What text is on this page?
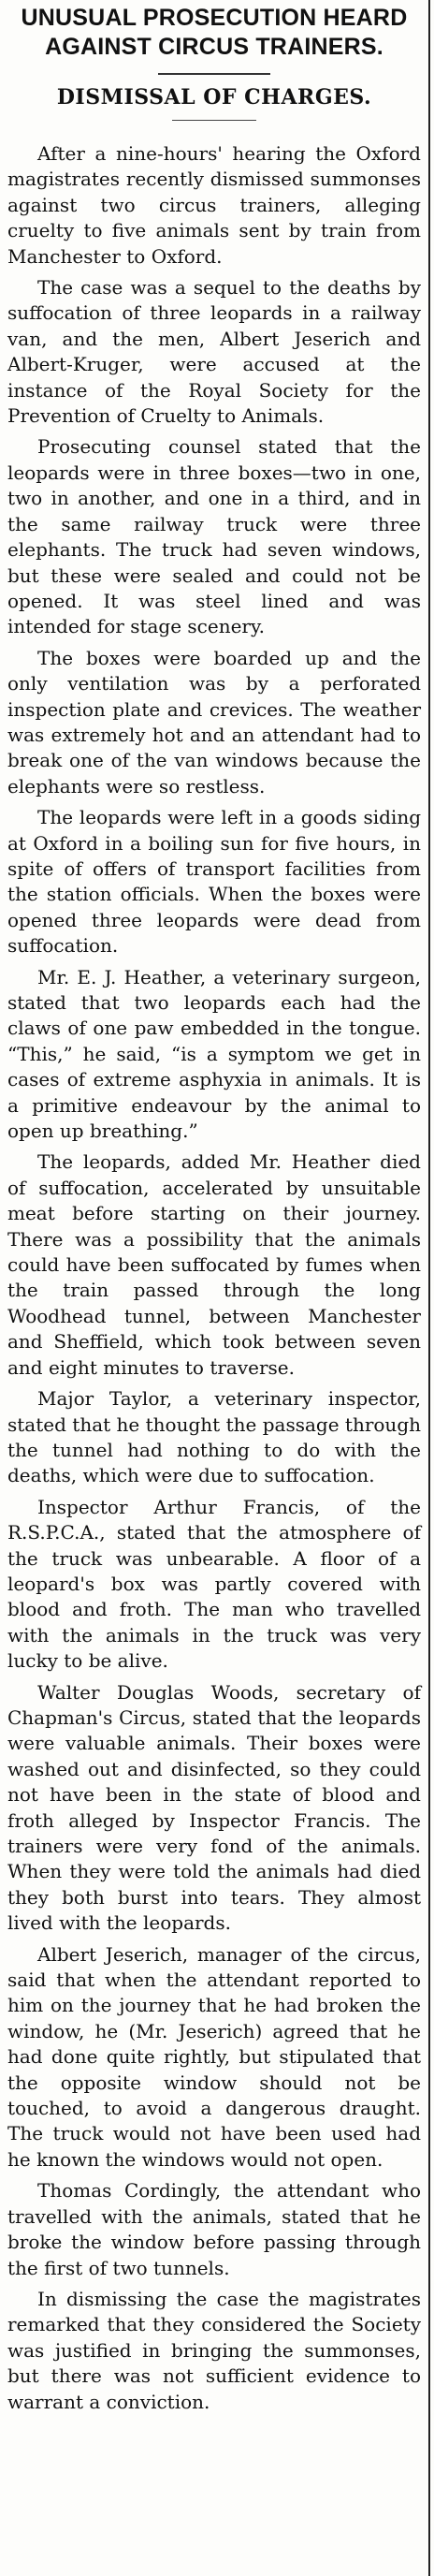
UNUSUAL PROSECUTION HEARD AGAINST CIRCUS TRAINERS.
DISMISSAL OF CHARGES.

After a nine-hours' hearing the Oxford magistrates recently dismissed summonses against two circus trainers, alleging cruelty to five animals sent by train from Manchester to Oxford.

The case was a sequel to the deaths by suffocation of three leopards in a railway van, and the men, Albert Jeserich and Albert-Kruger, were accused at the instance of the Royal Society for the Prevention of Cruelty to Animals.

Prosecuting counsel stated that the leopards were in three boxes—two in one, two in another, and one in a third, and in the same railway truck were three elephants. The truck had seven windows, but these were sealed and could not be opened. It was steel lined and was intended for stage scenery.

The boxes were boarded up and the only ventilation was by a perforated inspection plate and crevices. The weather was extremely hot and an attendant had to break one of the van windows because the elephants were so restless.

The leopards were left in a goods siding at Oxford in a boiling sun for five hours, in spite of offers of transport facilities from the station officials. When the boxes were opened three leopards were dead from suffocation.

Mr. E. J. Heather, a veterinary surgeon, stated that two leopards each had the claws of one paw embedded in the tongue. “This,” he said, “is a symptom we get in cases of extreme asphyxia in animals. It is a primitive endeavour by the animal to open up breathing.”

The leopards, added Mr. Heather died of suffocation, accelerated by unsuitable meat before starting on their journey. There was a possibility that the animals could have been suffocated by fumes when the train passed through the long Woodhead tunnel, between Manchester and Sheffield, which took between seven and eight minutes to traverse.

Major Taylor, a veterinary inspector, stated that he thought the passage through the tunnel had nothing to do with the deaths, which were due to suffocation.

Inspector Arthur Francis, of the R.S.P.C.A., stated that the atmosphere of the truck was unbearable. A floor of a leopard's box was partly covered with blood and froth. The man who travelled with the animals in the truck was very lucky to be alive.

Walter Douglas Woods, secretary of Chapman's Circus, stated that the leopards were valuable animals. Their boxes were washed out and disinfected, so they could not have been in the state of blood and froth alleged by Inspector Francis. The trainers were very fond of the animals. When they were told the animals had died they both burst into tears. They almost lived with the leopards.

Albert Jeserich, manager of the circus, said that when the attendant reported to him on the journey that he had broken the window, he (Mr. Jeserich) agreed that he had done quite rightly, but stipulated that the opposite window should not be touched, to avoid a dangerous draught. The truck would not have been used had he known the windows would not open.

Thomas Cordingly, the attendant who travelled with the animals, stated that he broke the window before passing through the first of two tunnels.

In dismissing the case the magistrates remarked that they considered the Society was justified in bringing the summonses, but there was not sufficient evidence to warrant a conviction.
